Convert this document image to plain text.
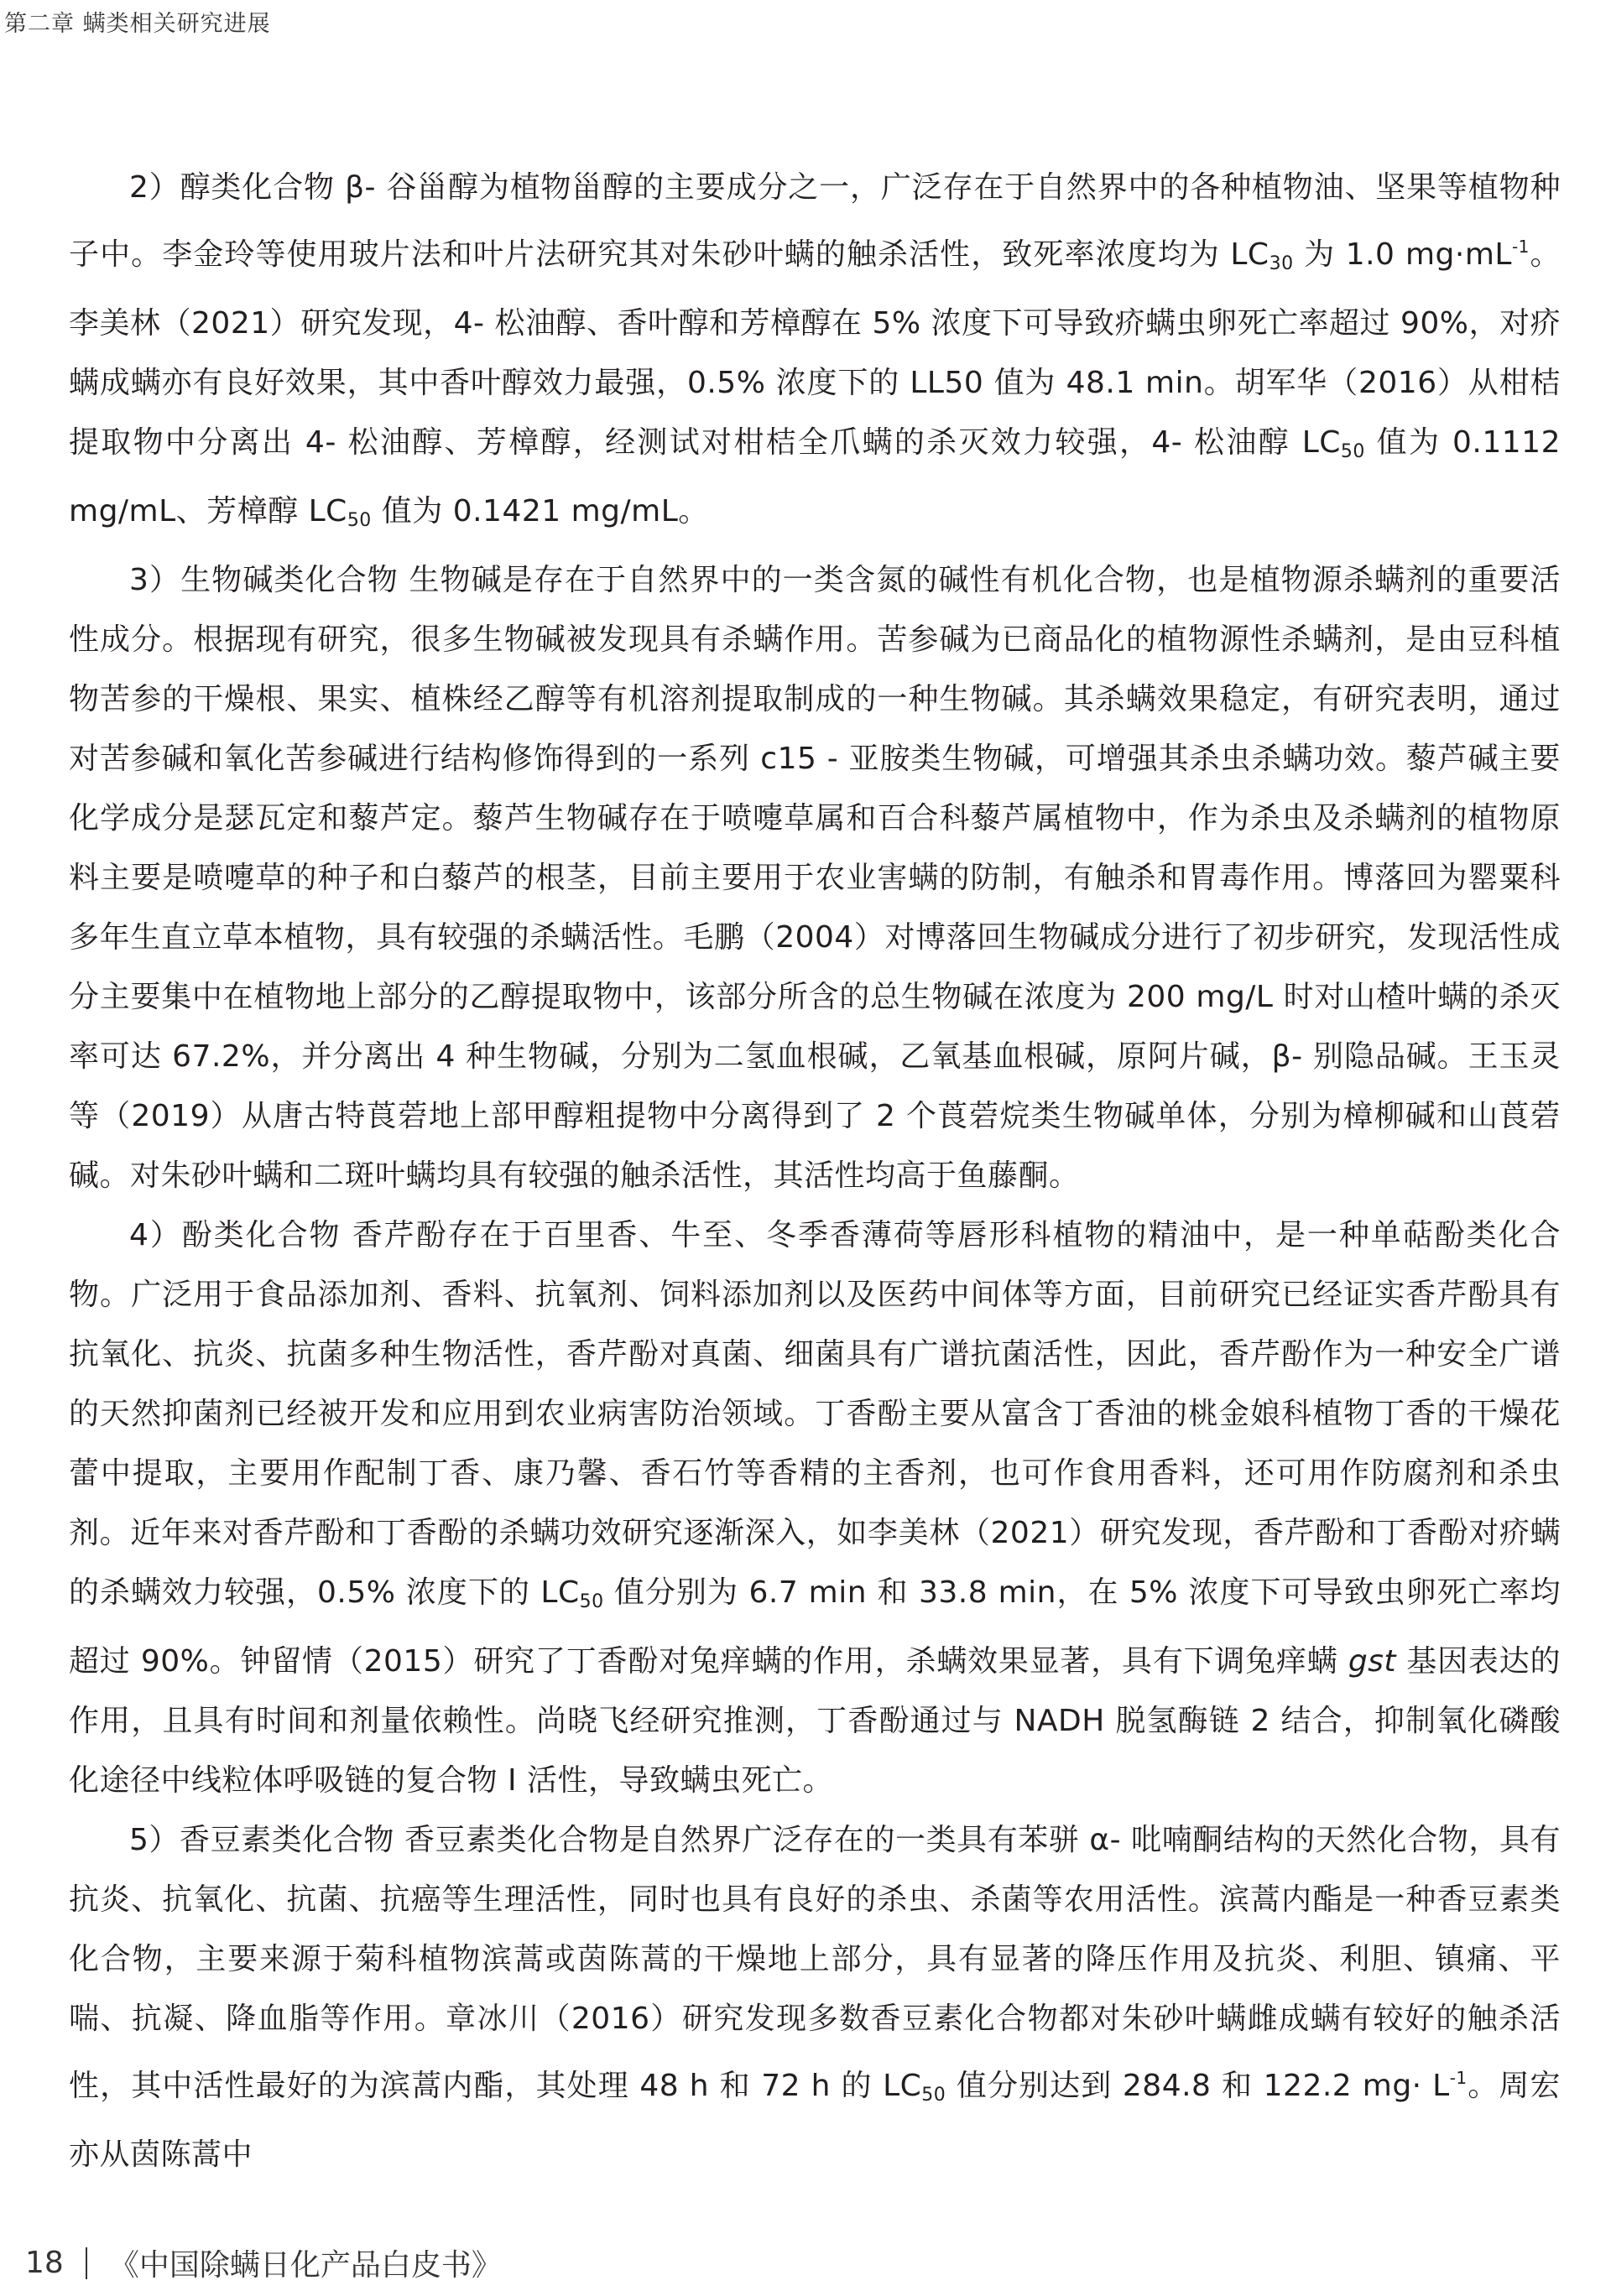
第二章 螨类相关研究进展

2）醇类化合物 β- 谷甾醇为植物甾醇的主要成分之一，广泛存在于自然界中的各种植物油、坚果等植物种子中。李金玲等使用玻片法和叶片法研究其对朱砂叶螨的触杀活性，致死率浓度均为 $LC_{30}$ 为 1.0 $mg\cdot mL^{-1}$。李美林（2021）研究发现，4- 松油醇、香叶醇和芳樟醇在 5% 浓度下可导致疥螨虫卵死亡率超过 90%，对疥螨成螨亦有良好效果，其中香叶醇效力最强，0.5% 浓度下的 LL50 值为 48.1 min。胡军华（2016）从柑桔提取物中分离出 4- 松油醇、芳樟醇，经测试对柑桔全爪螨的杀灭效力较强，4- 松油醇 $LC_{50}$ 值为 0.1112 mg/mL、芳樟醇 $LC_{50}$ 值为 0.1421 mg/mL。

3）生物碱类化合物 生物碱是存在于自然界中的一类含氮的碱性有机化合物，也是植物源杀螨剂的重要活性成分。根据现有研究，很多生物碱被发现具有杀螨作用。苦参碱为已商品化的植物源性杀螨剂，是由豆科植物苦参的干燥根、果实、植株经乙醇等有机溶剂提取制成的一种生物碱。其杀螨效果稳定，有研究表明，通过对苦参碱和氧化苦参碱进行结构修饰得到的一系列 c15 - 亚胺类生物碱，可增强其杀虫杀螨功效。藜芦碱主要化学成分是瑟瓦定和藜芦定。藜芦生物碱存在于喷嚏草属和百合科藜芦属植物中，作为杀虫及杀螨剂的植物原料主要是喷嚏草的种子和白藜芦的根茎，目前主要用于农业害螨的防制，有触杀和胃毒作用。博落回为罂粟科多年生直立草本植物，具有较强的杀螨活性。毛鹏（2004）对博落回生物碱成分进行了初步研究，发现活性成分主要集中在植物地上部分的乙醇提取物中，该部分所含的总生物碱在浓度为 200 mg/L 时对山楂叶螨的杀灭率可达 67.2%，并分离出 4 种生物碱，分别为二氢血根碱，乙氧基血根碱，原阿片碱，β- 别隐品碱。王玉灵等（2019）从唐古特莨菪地上部甲醇粗提物中分离得到了 2 个莨菪烷类生物碱单体，分别为樟柳碱和山莨菪碱。对朱砂叶螨和二斑叶螨均具有较强的触杀活性，其活性均高于鱼藤酮。

4）酚类化合物 香芹酚存在于百里香、牛至、冬季香薄荷等唇形科植物的精油中，是一种单萜酚类化合物。广泛用于食品添加剂、香料、抗氧剂、饲料添加剂以及医药中间体等方面，目前研究已经证实香芹酚具有抗氧化、抗炎、抗菌多种生物活性，香芹酚对真菌、细菌具有广谱抗菌活性，因此，香芹酚作为一种安全广谱的天然抑菌剂已经被开发和应用到农业病害防治领域。丁香酚主要从富含丁香油的桃金娘科植物丁香的干燥花蕾中提取，主要用作配制丁香、康乃馨、香石竹等香精的主香剂，也可作食用香料，还可用作防腐剂和杀虫剂。近年来对香芹酚和丁香酚的杀螨功效研究逐渐深入，如李美林（2021）研究发现，香芹酚和丁香酚对疥螨的杀螨效力较强，0.5% 浓度下的 $LC_{50}$ 值分别为 6.7 min 和 33.8 min，在 5% 浓度下可导致虫卵死亡率均超过 90%。钟留情（2015）研究了丁香酚对兔痒螨的作用，杀螨效果显著，具有下调兔痒螨 gst 基因表达的作用，且具有时间和剂量依赖性。尚晓飞经研究推测，丁香酚通过与 NADH 脱氢酶链 2 结合，抑制氧化磷酸化途径中线粒体呼吸链的复合物 I 活性，导致螨虫死亡。

5）香豆素类化合物 香豆素类化合物是自然界广泛存在的一类具有苯骈 α- 吡喃酮结构的天然化合物，具有抗炎、抗氧化、抗菌、抗癌等生理活性，同时也具有良好的杀虫、杀菌等农用活性。滨蒿内酯是一种香豆素类化合物，主要来源于菊科植物滨蒿或茵陈蒿的干燥地上部分，具有显著的降压作用及抗炎、利胆、镇痛、平喘、抗凝、降血脂等作用。章冰川（2016）研究发现多数香豆素化合物都对朱砂叶螨雌成螨有较好的触杀活性，其中活性最好的为滨蒿内酯，其处理 48 h 和 72 h 的 $LC_{50}$ 值分别达到 284.8 和 122.2 $mg\cdot L^{-1}$。周宏亦从茵陈蒿中

18 《中国除螨日化产品白皮书》
